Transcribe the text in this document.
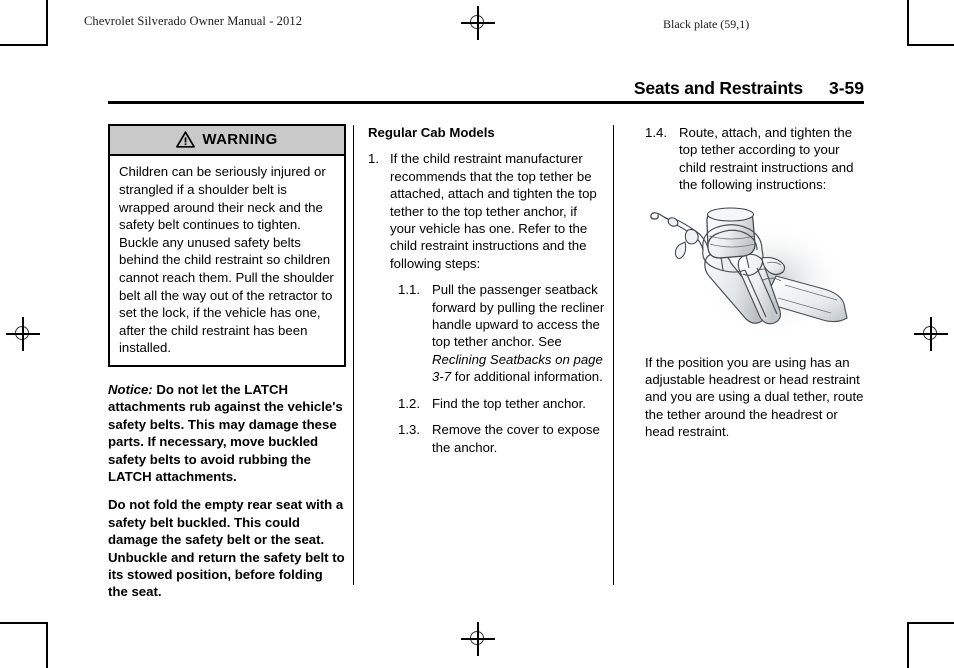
Chevrolet Silverado Owner Manual - 2012	Black plate (59,1)
Seats and Restraints 3-59
WARNING
Children can be seriously injured or strangled if a shoulder belt is wrapped around their neck and the safety belt continues to tighten. Buckle any unused safety belts behind the child restraint so children cannot reach them. Pull the shoulder belt all the way out of the retractor to set the lock, if the vehicle has one, after the child restraint has been installed.

Notice: Do not let the LATCH attachments rub against the vehicle's safety belts. This may damage these parts. If necessary, move buckled safety belts to avoid rubbing the LATCH attachments.

Do not fold the empty rear seat with a safety belt buckled. This could damage the safety belt or the seat. Unbuckle and return the safety belt to its stowed position, before folding the seat.

Regular Cab Models

1. If the child restraint manufacturer recommends that the top tether be attached, attach and tighten the top tether to the top tether anchor, if your vehicle has one. Refer to the child restraint instructions and the following steps:
1.1. Pull the passenger seatback forward by pulling the recliner handle upward to access the top tether anchor. See Reclining Seatbacks on page 3-7 for additional information.
1.2. Find the top tether anchor.
1.3. Remove the cover to expose the anchor.
1.4. Route, attach, and tighten the top tether according to your child restraint instructions and the following instructions:

If the position you are using has an adjustable headrest or head restraint and you are using a dual tether, route the tether around the headrest or head restraint.
